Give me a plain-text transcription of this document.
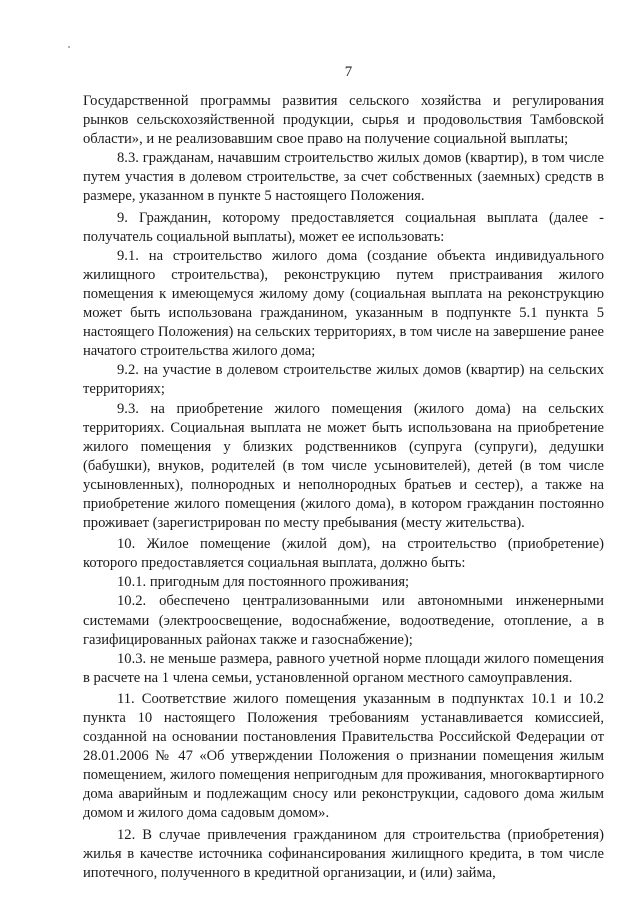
7

Государственной программы развития сельского хозяйства и регулирования рынков сельскохозяйственной продукции, сырья и продовольствия Тамбовской области», и не реализовавшим свое право на получение социальной выплаты;

8.3. гражданам, начавшим строительство жилых домов (квартир), в том числе путем участия в долевом строительстве, за счет собственных (заемных) средств в размере, указанном в пункте 5 настоящего Положения.

9. Гражданин, которому предоставляется социальная выплата (далее - получатель социальной выплаты), может ее использовать:

9.1. на строительство жилого дома (создание объекта индивидуального жилищного строительства), реконструкцию путем пристраивания жилого помещения к имеющемуся жилому дому (социальная выплата на реконструкцию может быть использована гражданином, указанным в подпункте 5.1 пункта 5 настоящего Положения) на сельских территориях, в том числе на завершение ранее начатого строительства жилого дома;

9.2. на участие в долевом строительстве жилых домов (квартир) на сельских территориях;

9.3. на приобретение жилого помещения (жилого дома) на сельских территориях. Социальная выплата не может быть использована на приобретение жилого помещения у близких родственников (супруга (супруги), дедушки (бабушки), внуков, родителей (в том числе усыновителей), детей (в том числе усыновленных), полнородных и неполнородных братьев и сестер), а также на приобретение жилого помещения (жилого дома), в котором гражданин постоянно проживает (зарегистрирован по месту пребывания (месту жительства).

10. Жилое помещение (жилой дом), на строительство (приобретение) которого предоставляется социальная выплата, должно быть:

10.1. пригодным для постоянного проживания;

10.2. обеспечено централизованными или автономными инженерными системами (электроосвещение, водоснабжение, водоотведение, отопление, а в газифицированных районах также и газоснабжение);

10.3. не меньше размера, равного учетной норме площади жилого помещения в расчете на 1 члена семьи, установленной органом местного самоуправления.

11. Соответствие жилого помещения указанным в подпунктах 10.1 и 10.2 пункта 10 настоящего Положения требованиям устанавливается комиссией, созданной на основании постановления Правительства Российской Федерации от 28.01.2006 № 47 «Об утверждении Положения о признании помещения жилым помещением, жилого помещения непригодным для проживания, многоквартирного дома аварийным и подлежащим сносу или реконструкции, садового дома жилым домом и жилого дома садовым домом».

12. В случае привлечения гражданином для строительства (приобретения) жилья в качестве источника софинансирования жилищного кредита, в том числе ипотечного, полученного в кредитной организации, и (или) займа,
